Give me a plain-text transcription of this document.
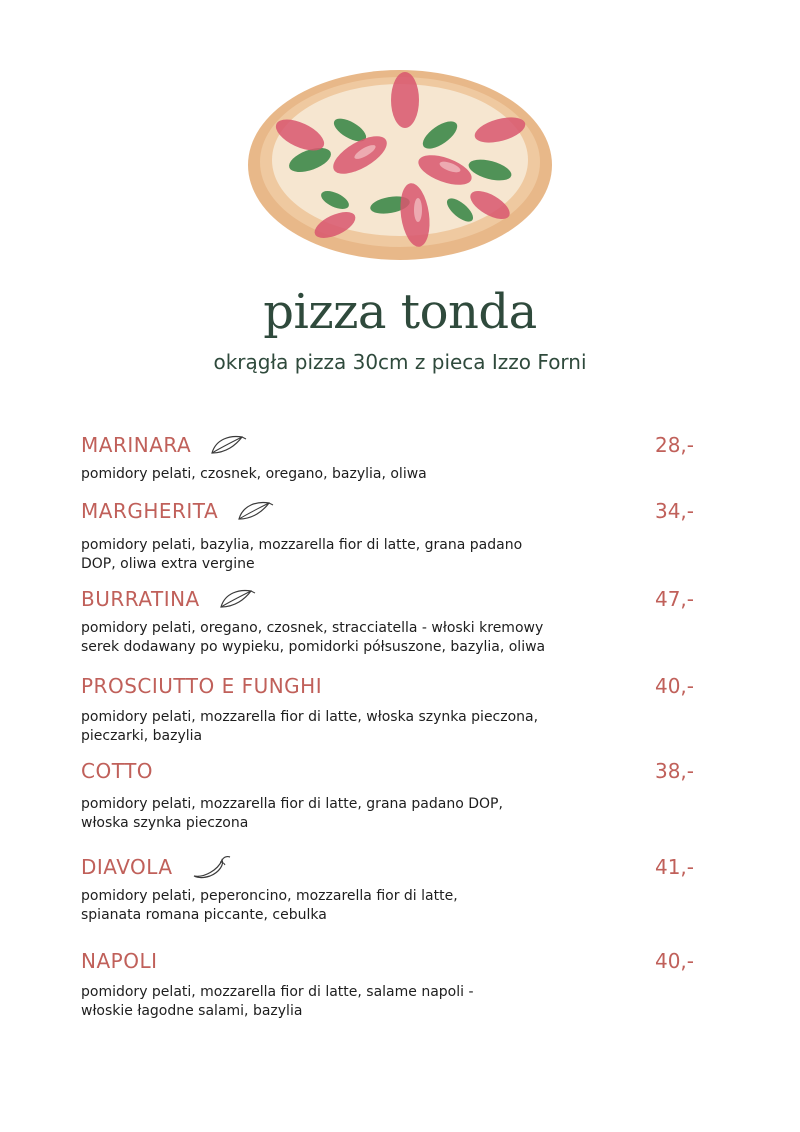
pizza tonda
okrągła pizza 30cm z pieca Izzo Forni
MARINARA	28,-

pomidory pelati, czosnek, oregano, bazylia, oliwa

MARGHERITA	34,-

pomidory pelati, bazylia, mozzarella fior di latte, grana padano
DOP, oliwa extra vergine

BURRATINA	47,-

pomidory pelati, oregano, czosnek, stracciatella - włoski kremowy
serek dodawany po wypieku, pomidorki półsuszone, bazylia, oliwa

PROSCIUTTO E FUNGHI	40,-

pomidory pelati, mozzarella fior di latte, włoska szynka pieczona,
pieczarki, bazylia

COTTO	38,-

pomidory pelati, mozzarella fior di latte, grana padano DOP,
włoska szynka pieczona

DIAVOLA	41,-

pomidory pelati, peperoncino, mozzarella fior di latte,
spianata romana piccante, cebulka

NAPOLI	40,-

pomidory pelati, mozzarella fior di latte, salame napoli -
włoskie łagodne salami, bazylia
